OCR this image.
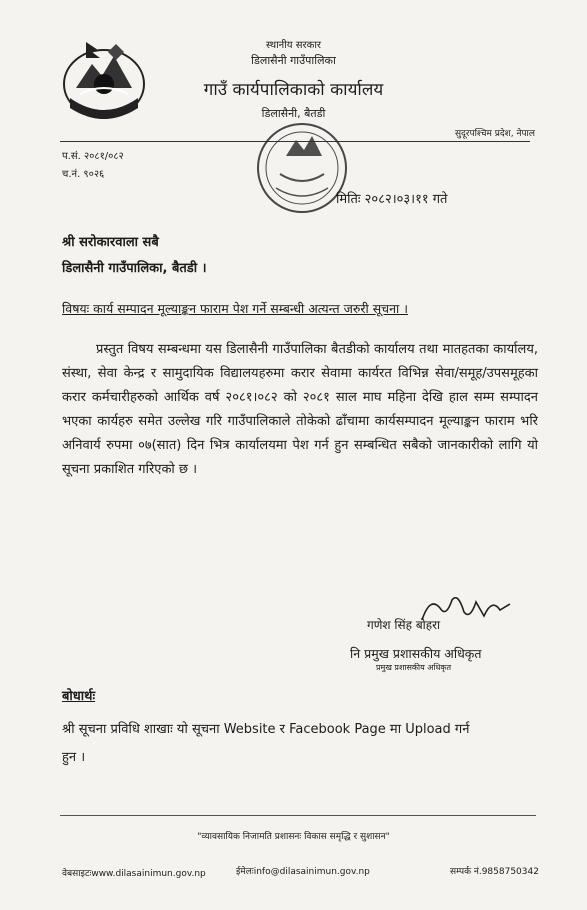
स्थानीय सरकार
डिलासैनी गाउँपालिका
गाउँ कार्यपालिकाको कार्यालय
डिलासैनी, बैतडी
सुदूरपश्चिम प्रदेश, नेपाल
प.सं. २०८१/०८२
च.नं. ९०२६
मितिः २०८२।०३।११ गते
श्री सरोकारवाला सबै
डिलासैनी गाउँपालिका, बैतडी ।
विषयः कार्य सम्पादन मूल्याङ्कन फाराम पेश गर्ने सम्बन्धी अत्यन्त जरुरी सूचना ।

प्रस्तुत विषय सम्बन्धमा यस डिलासैनी गाउँपालिका बैतडीको कार्यालय तथा मातहतका कार्यालय, संस्था, सेवा केन्द्र र सामुदायिक विद्यालयहरुमा करार सेवामा कार्यरत विभिन्न सेवा/समूह/उपसमूहका करार कर्मचारीहरुको आर्थिक वर्ष २०८१।०८२ को २०८१ साल माघ महिना देखि हाल सम्म सम्पादन भएका कार्यहरु समेत उल्लेख गरि गाउँपालिकाले तोकेको ढाँचामा कार्यसम्पादन मूल्याङ्कन फाराम भरि अनिवार्य रुपमा ०७(सात) दिन भित्र कार्यालयमा पेश गर्न हुन सम्बन्धित सबैको जानकारीको लागि यो सूचना प्रकाशित गरिएको छ ।

गणेश सिंह बोहरा
नि प्रमुख प्रशासकीय अधिकृत
प्रमुख प्रशासकीय अधिकृत
बोधार्थः
श्री सूचना प्रविधि शाखाः यो सूचना Website र Facebook Page मा Upload गर्न
हुन ।
"व्यावसायिक निजामति प्रशासनः विकास समृद्धि र सुशासन"
वेबसाइटःwww.dilasainimun.gov.np	ईमेलःinfo@dilasainimun.gov.np	सम्पर्क नं.9858750342
